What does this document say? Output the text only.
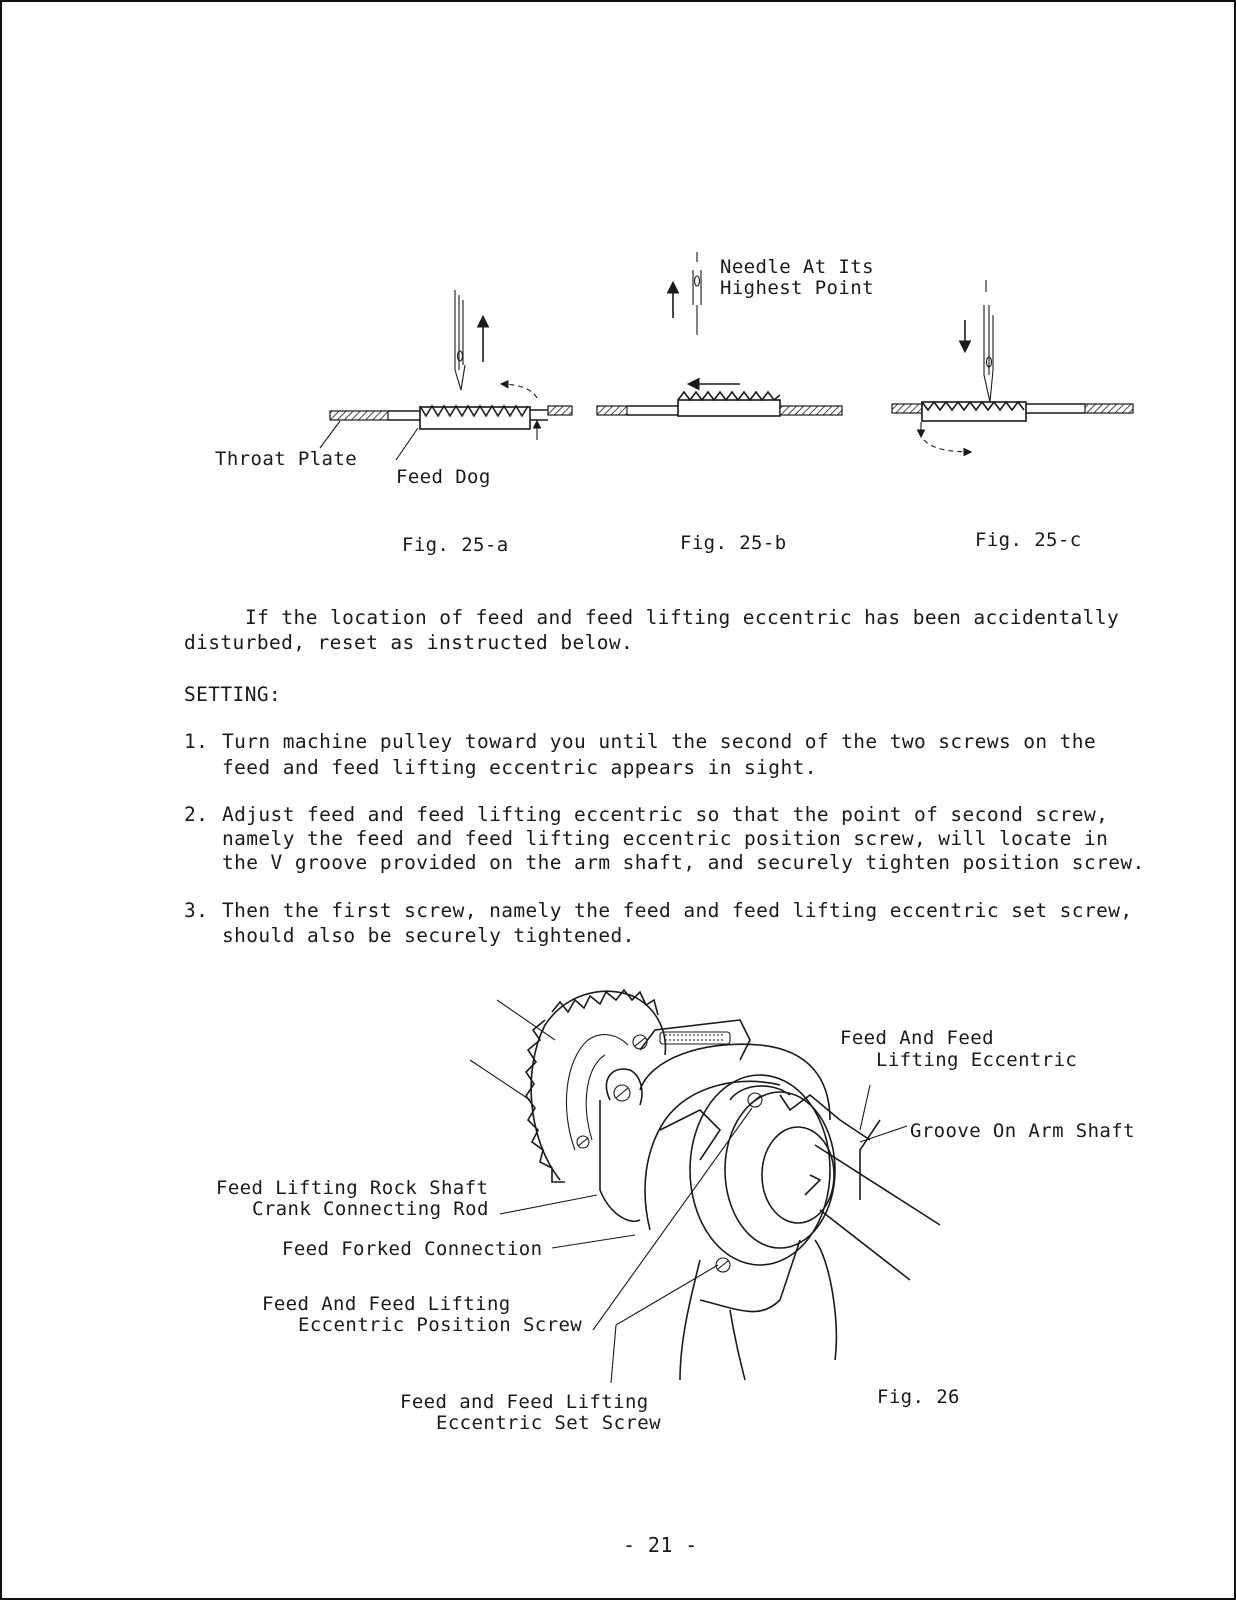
Needle At Its
Highest Point
Throat Plate
Feed Dog
Fig. 25-a	Fig. 25-b	Fig. 25-c
If the location of feed and feed lifting eccentric has been accidentally
disturbed, reset as instructed below.
SETTING:
1. Turn machine pulley toward you until the second of the two screws on the
feed and feed lifting eccentric appears in sight.
2. Adjust feed and feed lifting eccentric so that the point of second screw,
namely the feed and feed lifting eccentric position screw, will locate in
the V groove provided on the arm shaft, and securely tighten position screw.
3. Then the first screw, namely the feed and feed lifting eccentric set screw,
should also be securely tightened.
Feed And Feed
Lifting Eccentric
Groove On Arm Shaft
Feed Lifting Rock Shaft
Crank Connecting Rod
Feed Forked Connection
Feed And Feed Lifting
Eccentric Position Screw
Feed and Feed Lifting
Eccentric Set Screw
Fig. 26
- 21 -
